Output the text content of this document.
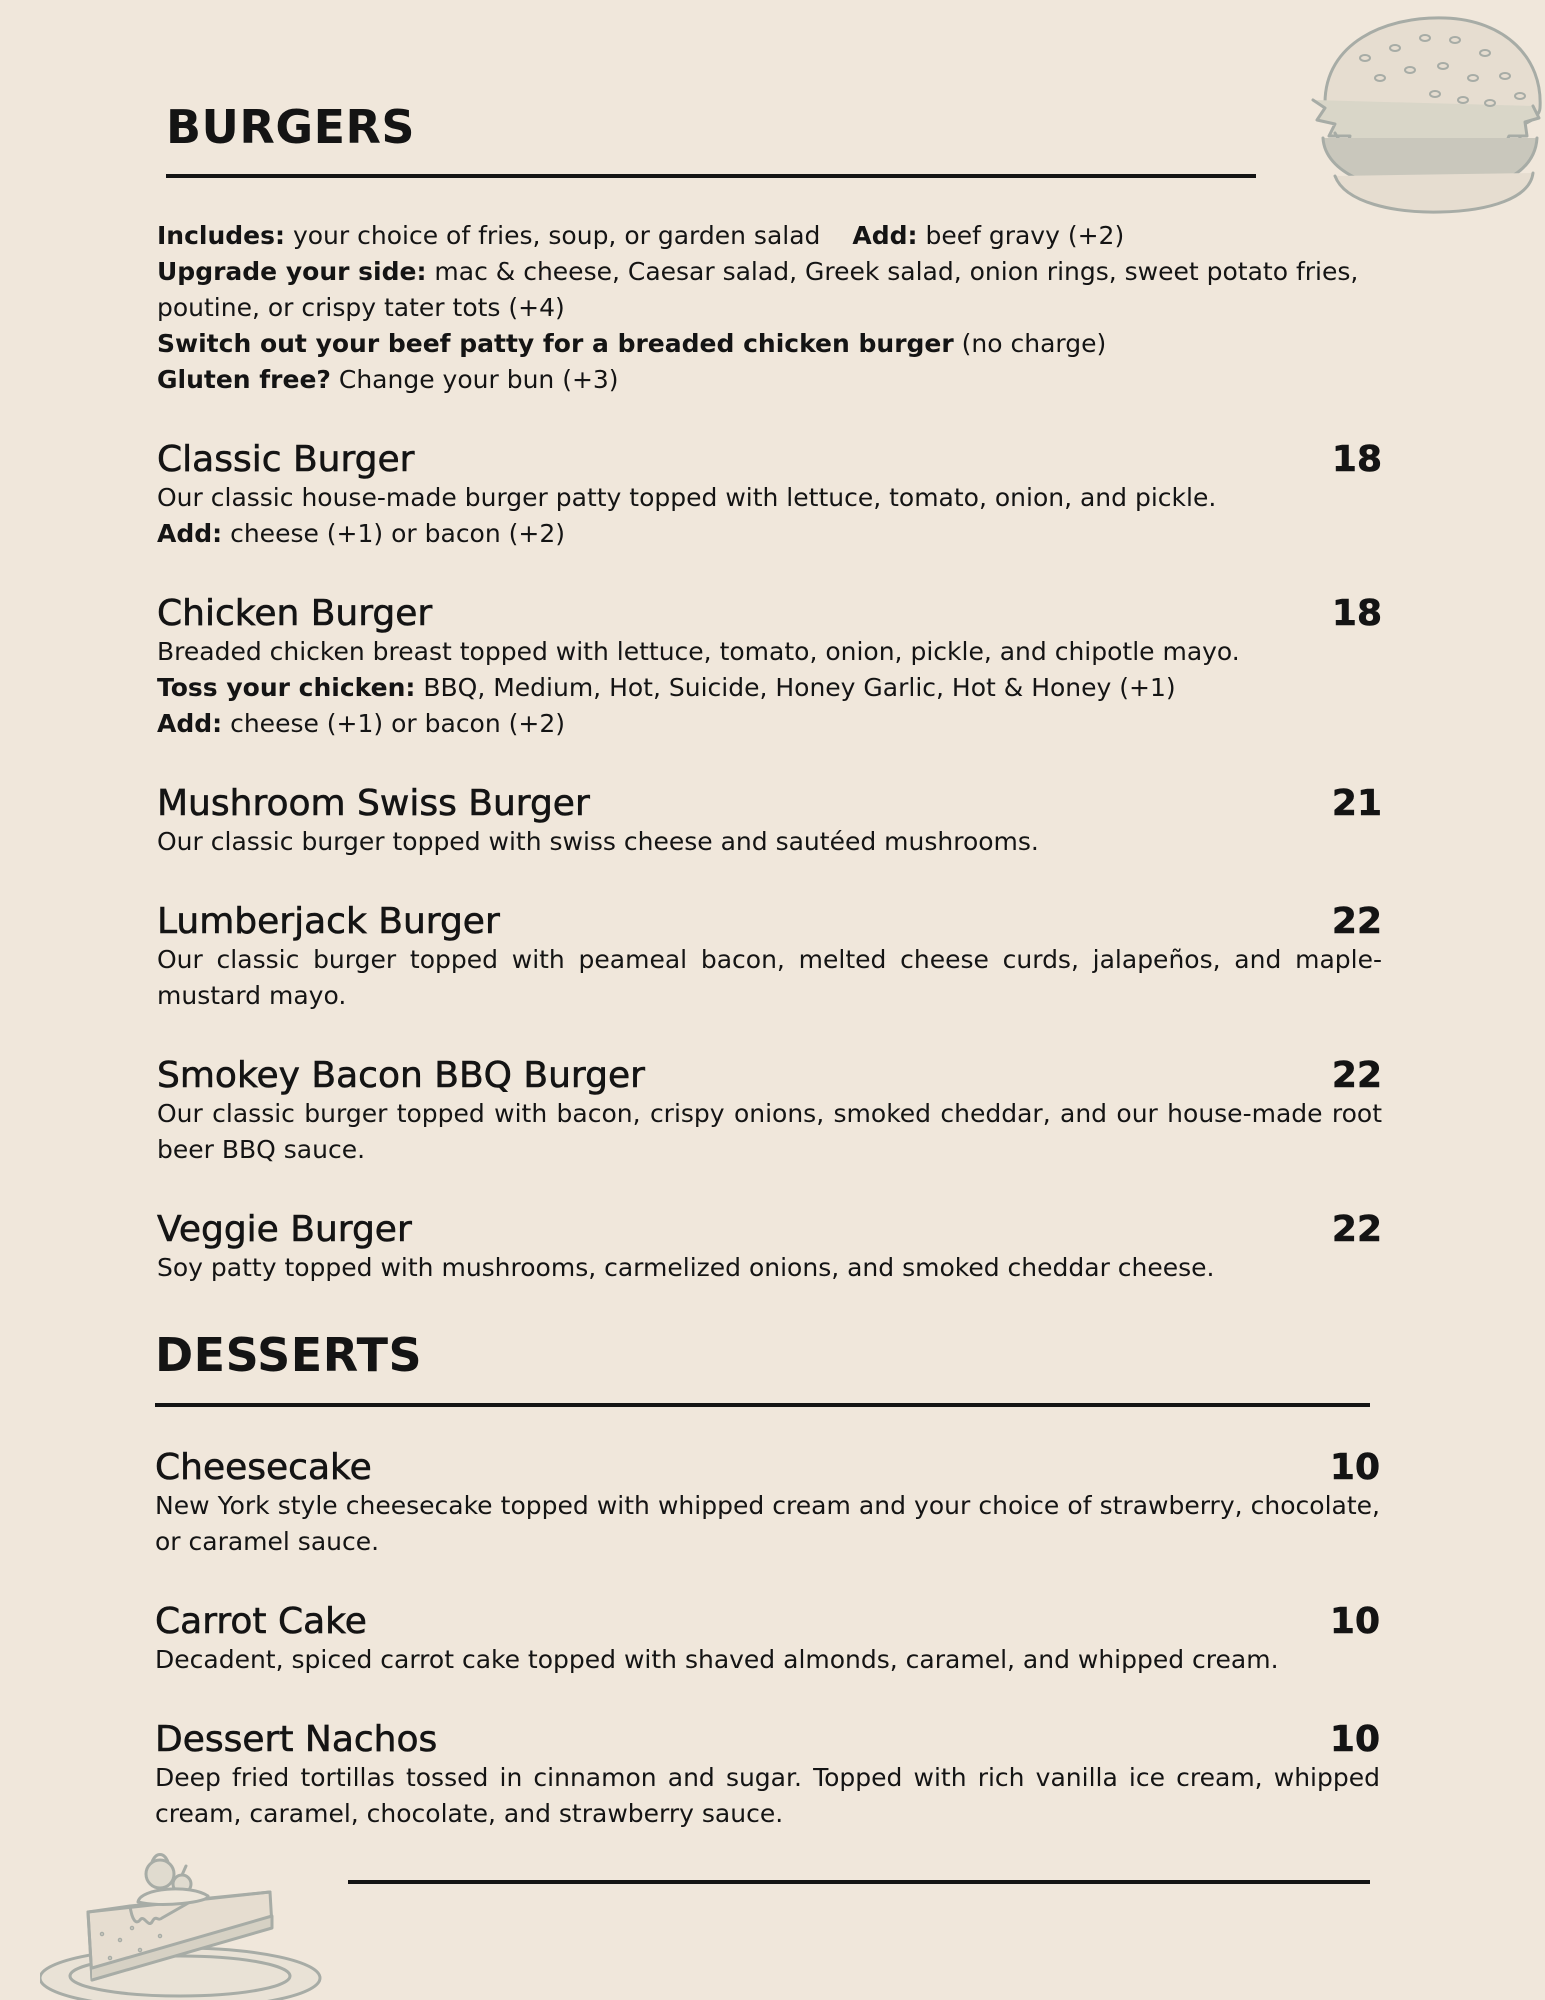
BURGERS

Includes: your choice of fries, soup, or garden salad Add: beef gravy (+2)

Upgrade your side: mac & cheese, Caesar salad, Greek salad, onion rings, sweet potato fries, poutine, or crispy tater tots (+4)

Switch out your beef patty for a breaded chicken burger (no charge)

Gluten free? Change your bun (+3)

Classic Burger	18

Our classic house-made burger patty topped with lettuce, tomato, onion, and pickle.

Add: cheese (+1) or bacon (+2)

Chicken Burger	18

Breaded chicken breast topped with lettuce, tomato, onion, pickle, and chipotle mayo.

Toss your chicken: BBQ, Medium, Hot, Suicide, Honey Garlic, Hot & Honey (+1)

Add: cheese (+1) or bacon (+2)

Mushroom Swiss Burger	21

Our classic burger topped with swiss cheese and sautéed mushrooms.

Lumberjack Burger	22

Our classic burger topped with peameal bacon, melted cheese curds, jalapeños, and maple-mustard mayo.

Smokey Bacon BBQ Burger	22

Our classic burger topped with bacon, crispy onions, smoked cheddar, and our house-made root beer BBQ sauce.

Veggie Burger	22

Soy patty topped with mushrooms, carmelized onions, and smoked cheddar cheese.

DESSERTS
Cheesecake	10

New York style cheesecake topped with whipped cream and your choice of strawberry, chocolate, or caramel sauce.

Carrot Cake	10

Decadent, spiced carrot cake topped with shaved almonds, caramel, and whipped cream.

Dessert Nachos	10

Deep fried tortillas tossed in cinnamon and sugar. Topped with rich vanilla ice cream, whipped cream, caramel, chocolate, and strawberry sauce.
